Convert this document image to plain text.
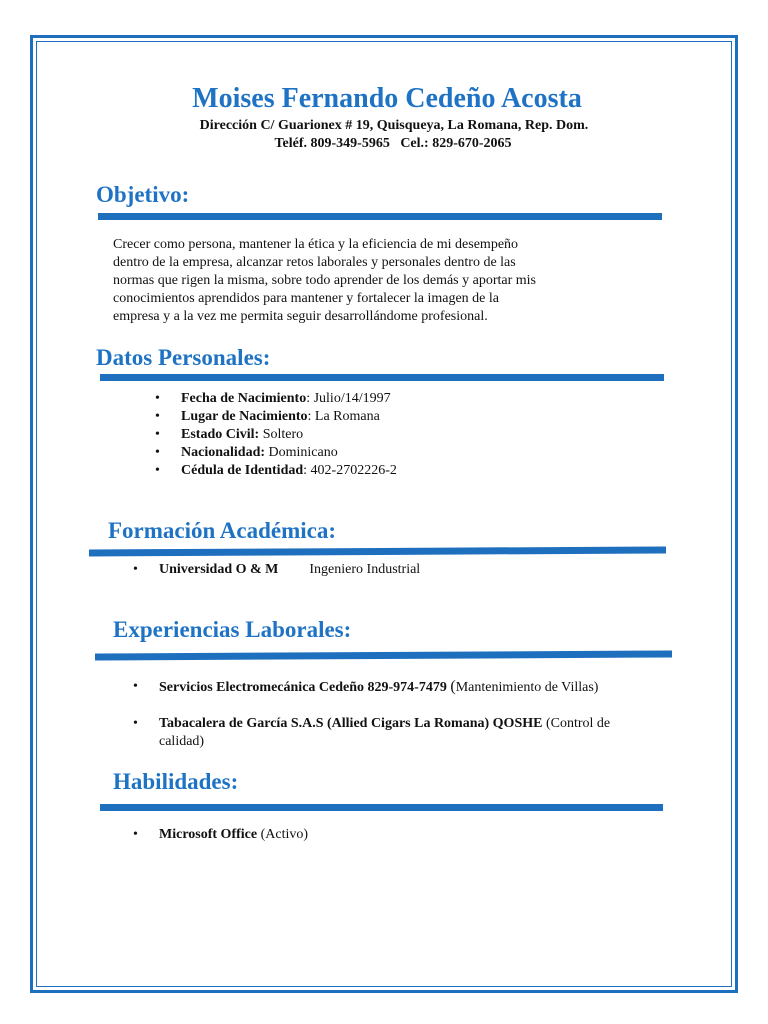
Moises Fernando Cedeño Acosta
Dirección C/ Guarionex # 19, Quisqueya, La Romana, Rep. Dom.
Teléf. 809-349-5965   Cel.: 829-670-2065
Objetivo:
Crecer como persona, mantener la ética y la eficiencia de mi desempeño
dentro de la empresa, alcanzar retos laborales y personales dentro de las
normas que rigen la misma, sobre todo aprender de los demás y aportar mis
conocimientos aprendidos para mantener y fortalecer la imagen de la
empresa y a la vez me permita seguir desarrollándome profesional.
Datos Personales:
• Fecha de Nacimiento: Julio/14/1997
• Lugar de Nacimiento: La Romana
• Estado Civil: Soltero
• Nacionalidad: Dominicano
• Cédula de Identidad: 402-2702226-2
Formación Académica:
• Universidad O & M Ingeniero Industrial
Experiencias Laborales:
• Servicios Electromecánica Cedeño 829-974-7479 (Mantenimiento de Villas)
• Tabacalera de García S.A.S (Allied Cigars La Romana) QOSHE (Control de
calidad)
Habilidades:
• Microsoft Office (Activo)
